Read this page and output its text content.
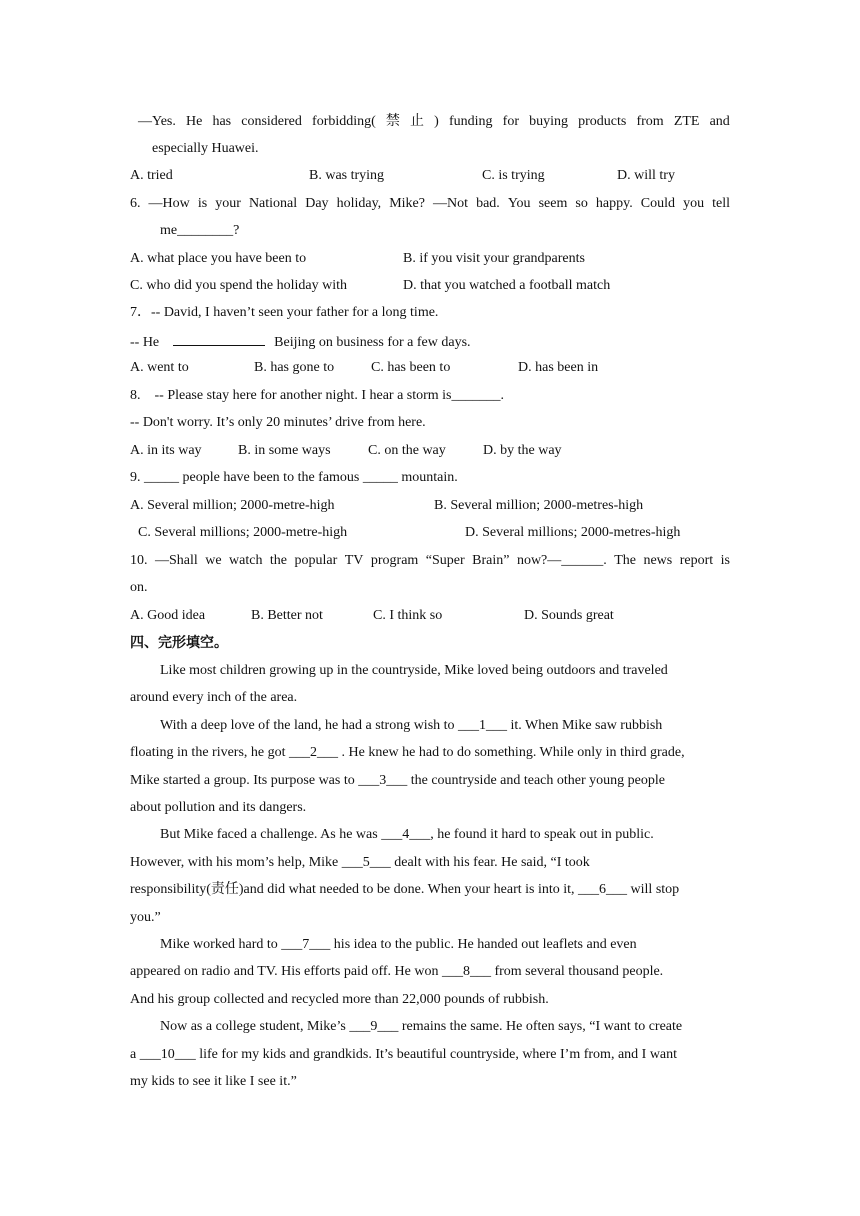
—Yes. He has considered forbidding( 禁 止 ) funding for buying products from ZTE and
especially Huawei.
A. tried	B. was trying	C. is trying	D. will try
6. —How is your National Day holiday, Mike? —Not bad. You seem so happy. Could you tell
me________?
A. what place you have been to	B. if you visit your grandparents
C. who did you spend the holiday with	D. that you watched a football match
7．-- David, I haven’t seen your father for a long time.
-- He	Beijing on business for a few days.
A. went to	B. has gone to	C. has been to	D. has been in
8.    -- Please stay here for another night. I hear a storm is_______.
-- Don't worry. It’s only 20 minutes’ drive from here.
A. in its way	B. in some ways	C. on the way	D. by the way
9. _____ people have been to the famous _____ mountain.
A. Several million; 2000-metre-high	B. Several million; 2000-metres-high
C. Several millions; 2000-metre-high	D. Several millions; 2000-metres-high
10. —Shall we watch the popular TV program “Super Brain” now?—______. The news report is
on.
A. Good idea	B. Better not	C. I think so	D. Sounds great
四、完形填空。
Like most children growing up in the countryside, Mike loved being outdoors and traveled
around every inch of the area.
With a deep love of the land, he had a strong wish to ___1___ it. When Mike saw rubbish
floating in the rivers, he got ___2___ . He knew he had to do something. While only in third grade,
Mike started a group. Its purpose was to ___3___ the countryside and teach other young people
about pollution and its dangers.
But Mike faced a challenge. As he was ___4___, he found it hard to speak out in public.
However, with his mom’s help, Mike ___5___ dealt with his fear. He said, “I took
responsibility(责任)and did what needed to be done. When your heart is into it, ___6___ will stop
you.”
Mike worked hard to ___7___ his idea to the public. He handed out leaflets and even
appeared on radio and TV. His efforts paid off. He won ___8___ from several thousand people.
And his group collected and recycled more than 22,000 pounds of rubbish.
Now as a college student, Mike’s ___9___ remains the same. He often says, “I want to create
a ___10___ life for my kids and grandkids. It’s beautiful countryside, where I’m from, and I want
my kids to see it like I see it.”
